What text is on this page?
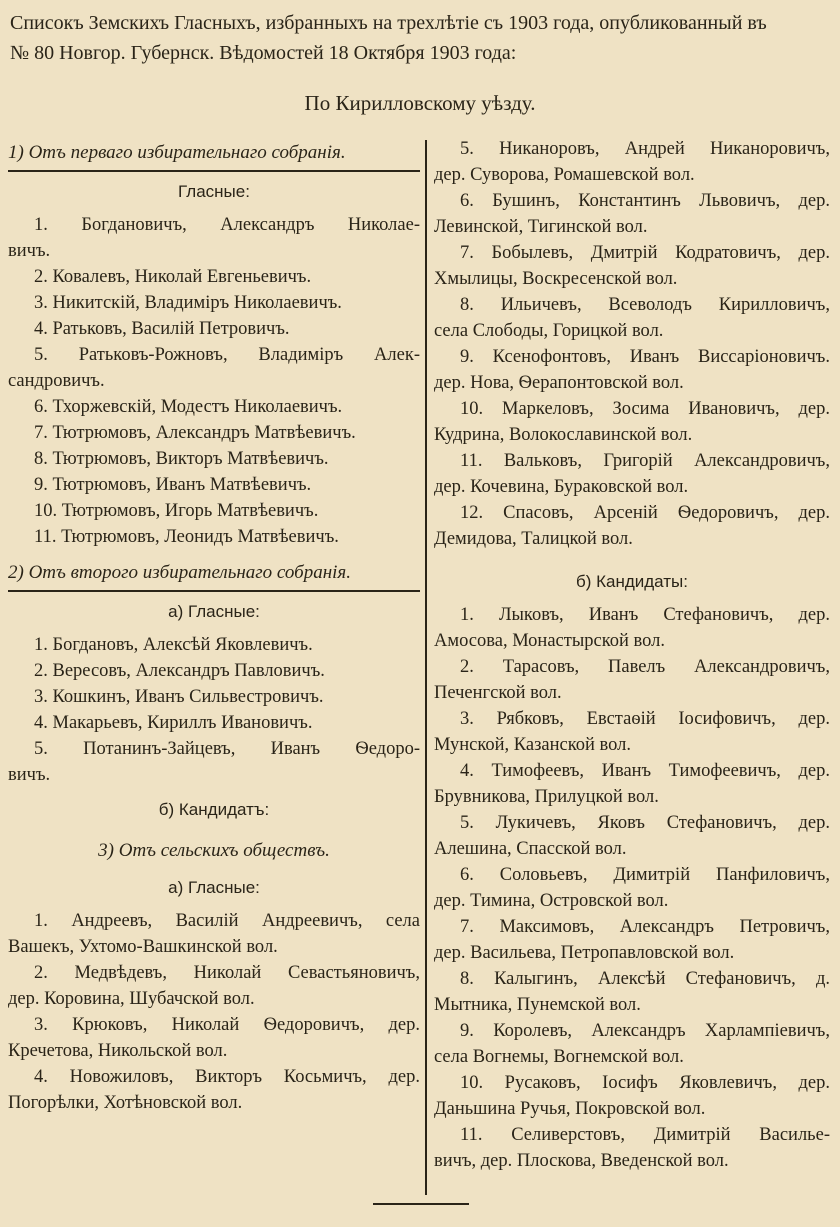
Списокъ Земскихъ Гласныхъ, избранныхъ на трехлѣтіе съ 1903 года, опубликованный въ
№ 80 Новгор. Губернск. Вѣдомостей 18 Октября 1903 года:
По Кирилловскому уѣзду.
1) Отъ перваго избирательнаго собранія.
Гласные:
1. Богдановичъ, Александръ Николае-
вичъ.
2. Ковалевъ, Николай Евгеньевичъ.
3. Никитскій, Владиміръ Николаевичъ.
4. Ратьковъ, Василій Петровичъ.
5. Ратьковъ-Рожновъ, Владиміръ Алек-
сандровичъ.
6. Тхоржевскій, Модестъ Николаевичъ.
7. Тютрюмовъ, Александръ Матвѣевичъ.
8. Тютрюмовъ, Викторъ Матвѣевичъ.
9. Тютрюмовъ, Иванъ Матвѣевичъ.
10. Тютрюмовъ, Игорь Матвѣевичъ.
11. Тютрюмовъ, Леонидъ Матвѣевичъ.
2) Отъ второго избирательнаго собранія.
а) Гласные:
1. Богдановъ, Алексѣй Яковлевичъ.
2. Вересовъ, Александръ Павловичъ.
3. Кошкинъ, Иванъ Сильвестровичъ.
4. Макарьевъ, Кириллъ Ивановичъ.
5. Потанинъ-Зайцевъ, Иванъ Ѳедоро-
вичъ.
б) Кандидатъ:
3) Отъ сельскихъ обществъ.
а) Гласные:
1. Андреевъ, Василій Андреевичъ, села
Вашекъ, Ухтомо-Вашкинской вол.
2. Медвѣдевъ, Николай Севастьяновичъ,
дер. Коровина, Шубачской вол.
3. Крюковъ, Николай Ѳедоровичъ, дер.
Кречетова, Никольской вол.
4. Новожиловъ, Викторъ Косьмичъ, дер.
Погорѣлки, Хотѣновской вол.
5. Никаноровъ, Андрей Никаноровичъ,
дер. Суворова, Ромашевской вол.
6. Бушинъ, Константинъ Львовичъ, дер.
Левинской, Тигинской вол.
7. Бобылевъ, Дмитрій Кодратовичъ, дер.
Хмылицы, Воскресенской вол.
8. Ильичевъ, Всеволодъ Кирилловичъ,
села Слободы, Горицкой вол.
9. Ксенофонтовъ, Иванъ Виссаріоновичъ.
дер. Нова, Ѳерапонтовской вол.
10. Маркеловъ, Зосима Ивановичъ, дер.
Кудрина, Волокославинской вол.
11. Вальковъ, Григорій Александровичъ,
дер. Кочевина, Бураковской вол.
12. Спасовъ, Арсеній Ѳедоровичъ, дер.
Демидова, Талицкой вол.
б) Кандидаты:
1. Лыковъ, Иванъ Стефановичъ, дер.
Амосова, Монастырской вол.
2. Тарасовъ, Павелъ Александровичъ,
Печенгской вол.
3. Рябковъ, Евстаѳій Іосифовичъ, дер.
Мунской, Казанской вол.
4. Тимофеевъ, Иванъ Тимофеевичъ, дер.
Брувникова, Прилуцкой вол.
5. Лукичевъ, Яковъ Стефановичъ, дер.
Алешина, Спасской вол.
6. Соловьевъ, Димитрій Панфиловичъ,
дер. Тимина, Островской вол.
7. Максимовъ, Александръ Петровичъ,
дер. Васильева, Петропавловской вол.
8. Калыгинъ, Алексѣй Стефановичъ, д.
Мытника, Пунемской вол.
9. Королевъ, Александръ Харлампіевичъ,
села Вогнемы, Вогнемской вол.
10. Русаковъ, Іосифъ Яковлевичъ, дер.
Даньшина Ручья, Покровской вол.
11. Селиверстовъ, Димитрій Василье-
вичъ, дер. Плоскова, Введенской вол.
